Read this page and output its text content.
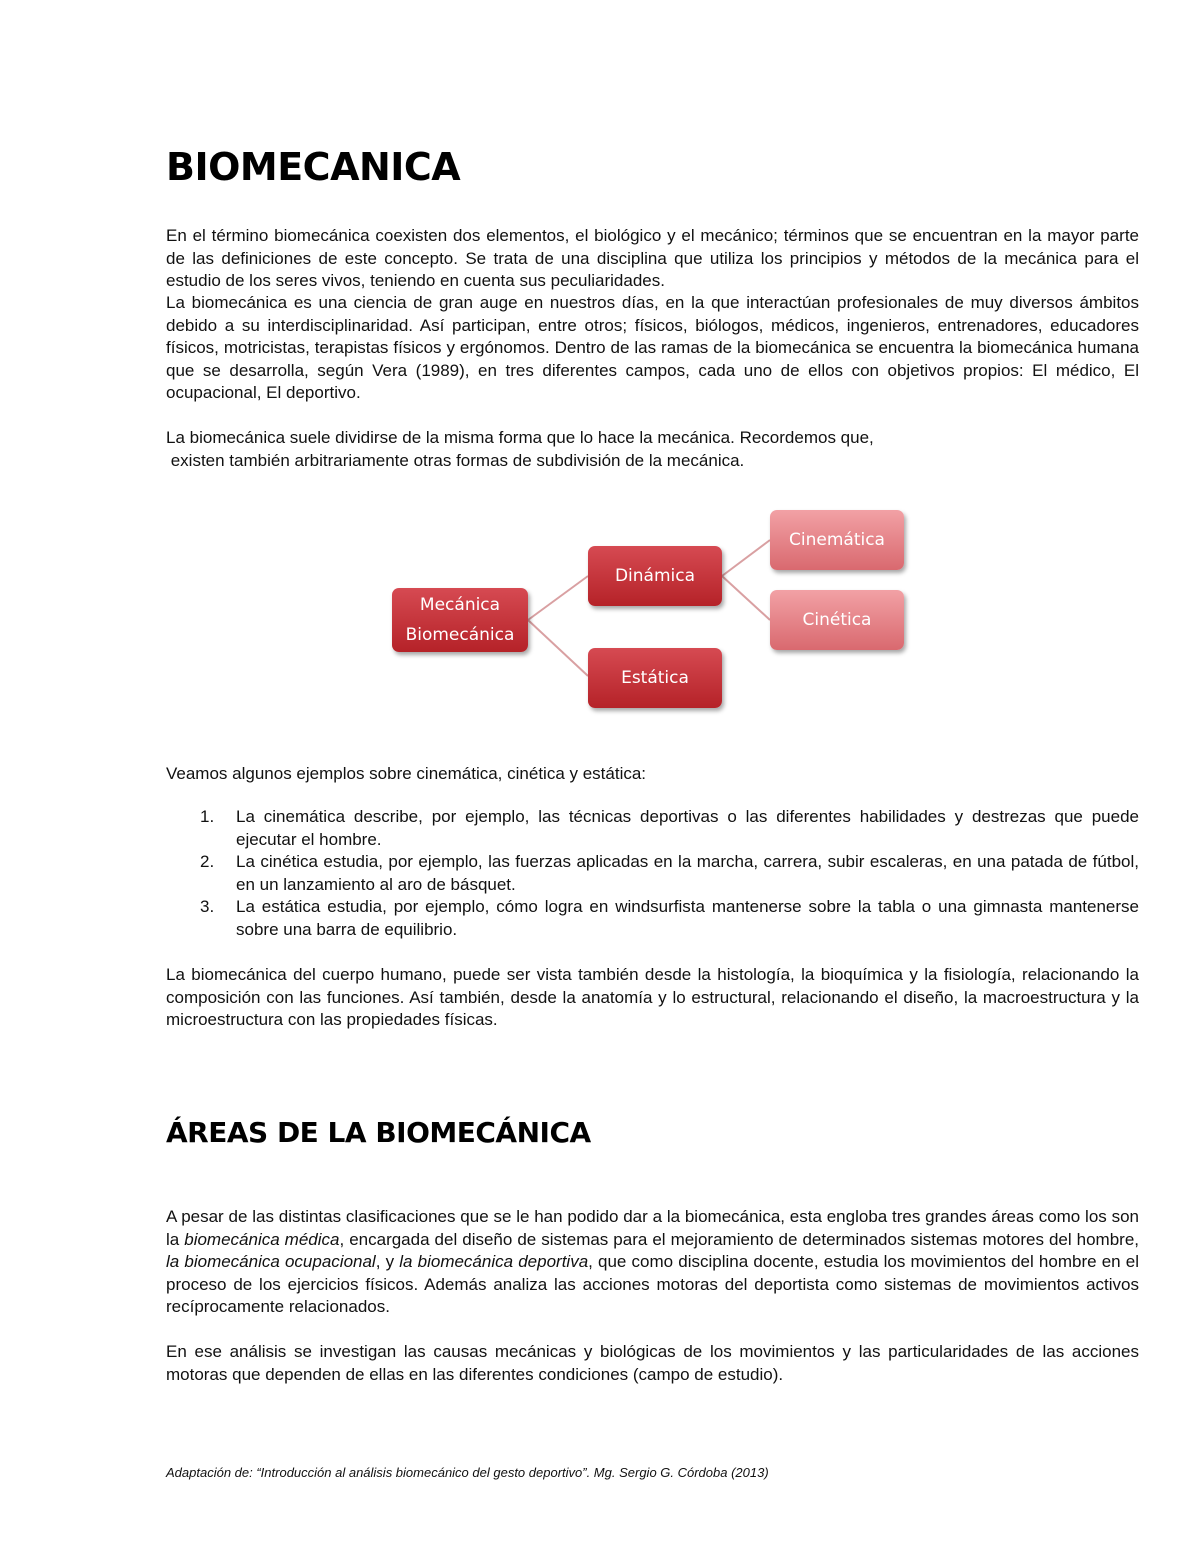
BIOMECANICA

En el término biomecánica coexisten dos elementos, el biológico y el mecánico; términos que se encuentran en la mayor parte de las definiciones de este concepto. Se trata de una disciplina que utiliza los principios y métodos de la mecánica para el estudio de los seres vivos, teniendo en cuenta sus peculiaridades.

La biomecánica es una ciencia de gran auge en nuestros días, en la que interactúan profesionales de muy diversos ámbitos debido a su interdisciplinaridad. Así participan, entre otros; físicos, biólogos, médicos, ingenieros, entrenadores, educadores físicos, motricistas, terapistas físicos y ergónomos. Dentro de las ramas de la biomecánica se encuentra la biomecánica humana que se desarrolla, según Vera (1989), en tres diferentes campos, cada uno de ellos con objetivos propios: El médico, El ocupacional, El deportivo.

La biomecánica suele dividirse de la misma forma que lo hace la mecánica. Recordemos que,

existen también arbitrariamente otras formas de subdivisión de la mecánica.

Mecánica
Biomecánica
Dinámica
Estática
Cinemática
Cinética

Veamos algunos ejemplos sobre cinemática, cinética y estática:

1. La cinemática describe, por ejemplo, las técnicas deportivas o las diferentes habilidades y destrezas que puede ejecutar el hombre.
2. La cinética estudia, por ejemplo, las fuerzas aplicadas en la marcha, carrera, subir escaleras, en una patada de fútbol, en un lanzamiento al aro de básquet.
3. La estática estudia, por ejemplo, cómo logra en windsurfista mantenerse sobre la tabla o una gimnasta mantenerse sobre una barra de equilibrio.

La biomecánica del cuerpo humano, puede ser vista también desde la histología, la bioquímica y la fisiología, relacionando la composición con las funciones. Así también, desde la anatomía y lo estructural, relacionando el diseño, la macroestructura y la microestructura con las propiedades físicas.

ÁREAS DE LA BIOMECÁNICA

A pesar de las distintas clasificaciones que se le han podido dar a la biomecánica, esta engloba tres grandes áreas como los son la biomecánica médica, encargada del diseño de sistemas para el mejoramiento de determinados sistemas motores del hombre, la biomecánica ocupacional, y la biomecánica deportiva, que como disciplina docente, estudia los movimientos del hombre en el proceso de los ejercicios físicos. Además analiza las acciones motoras del deportista como sistemas de movimientos activos recíprocamente relacionados.

En ese análisis se investigan las causas mecánicas y biológicas de los movimientos y las particularidades de las acciones motoras que dependen de ellas en las diferentes condiciones (campo de estudio).

Adaptación de: “Introducción al análisis biomecánico del gesto deportivo”. Mg. Sergio G. Córdoba (2013)
